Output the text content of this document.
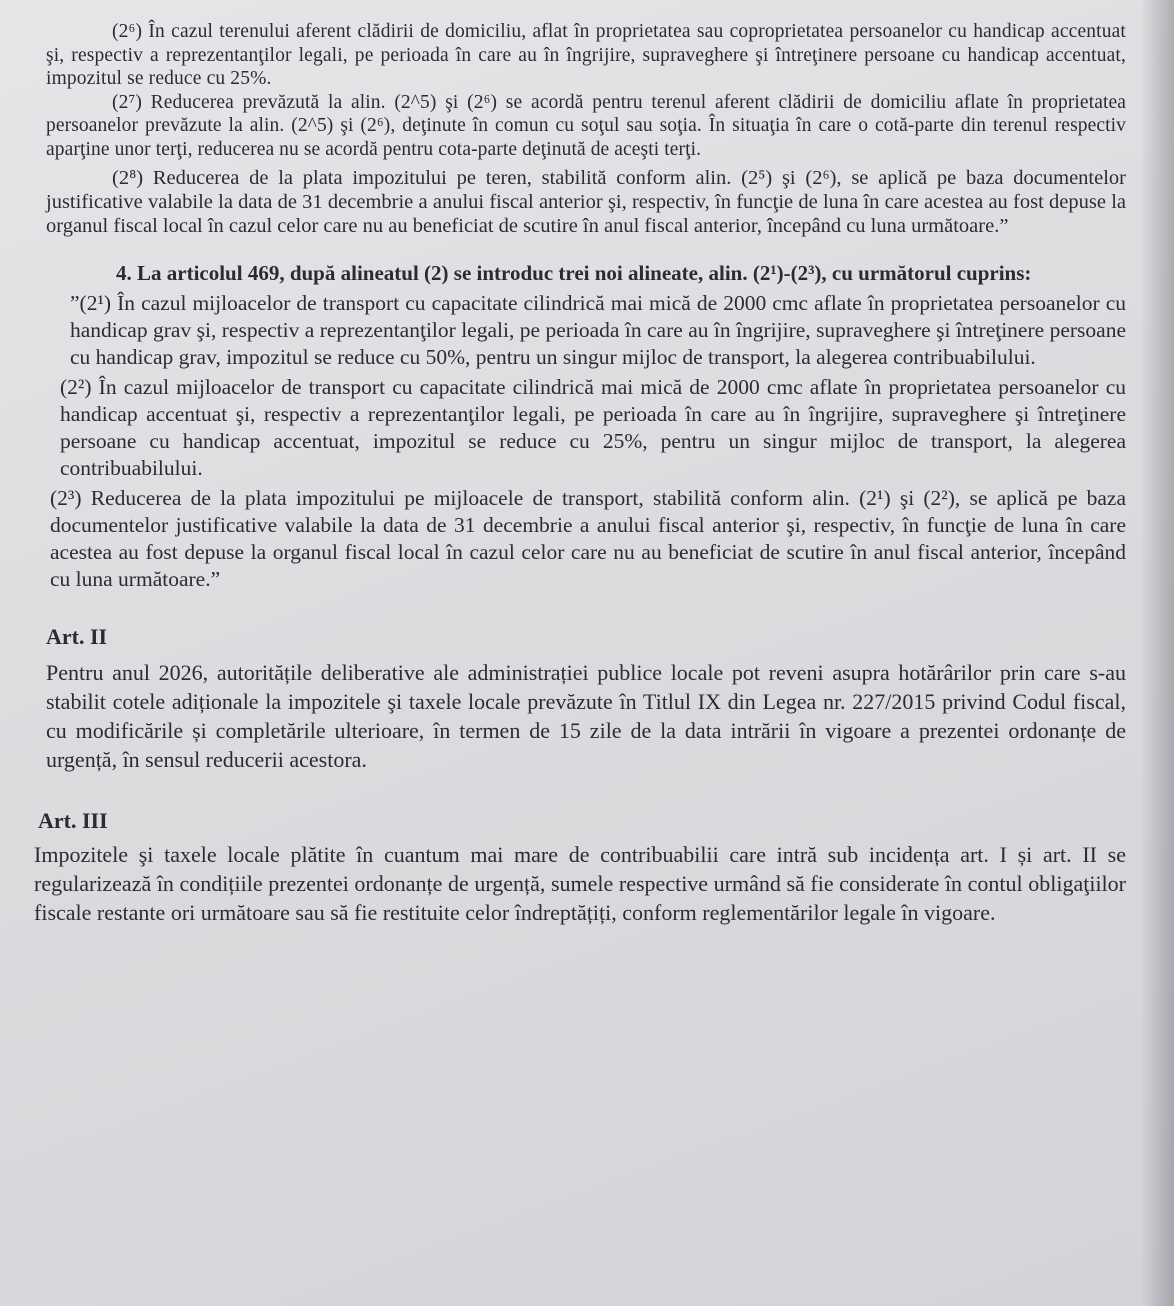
(2⁶) În cazul terenului aferent clădirii de domiciliu, aflat în proprietatea sau coproprietatea persoanelor cu handicap accentuat şi, respectiv a reprezentanţilor legali, pe perioada în care au în îngrijire, supraveghere şi întreţinere persoane cu handicap accentuat, impozitul se reduce cu 25%.

(2⁷) Reducerea prevăzută la alin. (2^5) şi (2⁶) se acordă pentru terenul aferent clădirii de domiciliu aflate în proprietatea persoanelor prevăzute la alin. (2^5) şi (2⁶), deţinute în comun cu soţul sau soţia. În situaţia în care o cotă-parte din terenul respectiv aparţine unor terţi, reducerea nu se acordă pentru cota-parte deţinută de aceşti terţi.

(2⁸) Reducerea de la plata impozitului pe teren, stabilită conform alin. (2⁵) şi (2⁶), se aplică pe baza documentelor justificative valabile la data de 31 decembrie a anului fiscal anterior şi, respectiv, în funcţie de luna în care acestea au fost depuse la organul fiscal local în cazul celor care nu au beneficiat de scutire în anul fiscal anterior, începând cu luna următoare.”

4. La articolul 469, după alineatul (2) se introduc trei noi alineate, alin. (2¹)-(2³), cu următorul cuprins:

”(2¹) În cazul mijloacelor de transport cu capacitate cilindrică mai mică de 2000 cmc aflate în proprietatea persoanelor cu handicap grav şi, respectiv a reprezentanţilor legali, pe perioada în care au în îngrijire, supraveghere şi întreţinere persoane cu handicap grav, impozitul se reduce cu 50%, pentru un singur mijloc de transport, la alegerea contribuabilului.

(2²) În cazul mijloacelor de transport cu capacitate cilindrică mai mică de 2000 cmc aflate în proprietatea persoanelor cu handicap accentuat şi, respectiv a reprezentanţilor legali, pe perioada în care au în îngrijire, supraveghere şi întreţinere persoane cu handicap accentuat, impozitul se reduce cu 25%, pentru un singur mijloc de transport, la alegerea contribuabilului.

(2³) Reducerea de la plata impozitului pe mijloacele de transport, stabilită conform alin. (2¹) şi (2²), se aplică pe baza documentelor justificative valabile la data de 31 decembrie a anului fiscal anterior şi, respectiv, în funcţie de luna în care acestea au fost depuse la organul fiscal local în cazul celor care nu au beneficiat de scutire în anul fiscal anterior, începând cu luna următoare.”

Art. II

Pentru anul 2026, autoritățile deliberative ale administrației publice locale pot reveni asupra hotărârilor prin care s-au stabilit cotele adiționale la impozitele şi taxele locale prevăzute în Titlul IX din Legea nr. 227/2015 privind Codul fiscal, cu modificările și completările ulterioare, în termen de 15 zile de la data intrării în vigoare a prezentei ordonanțe de urgență, în sensul reducerii acestora.

Art. III

Impozitele şi taxele locale plătite în cuantum mai mare de contribuabilii care intră sub incidența art. I și art. II se regularizează în condițiile prezentei ordonanțe de urgență, sumele respective urmând să fie considerate în contul obligaţiilor fiscale restante ori următoare sau să fie restituite celor îndreptățiți, conform reglementărilor legale în vigoare.
